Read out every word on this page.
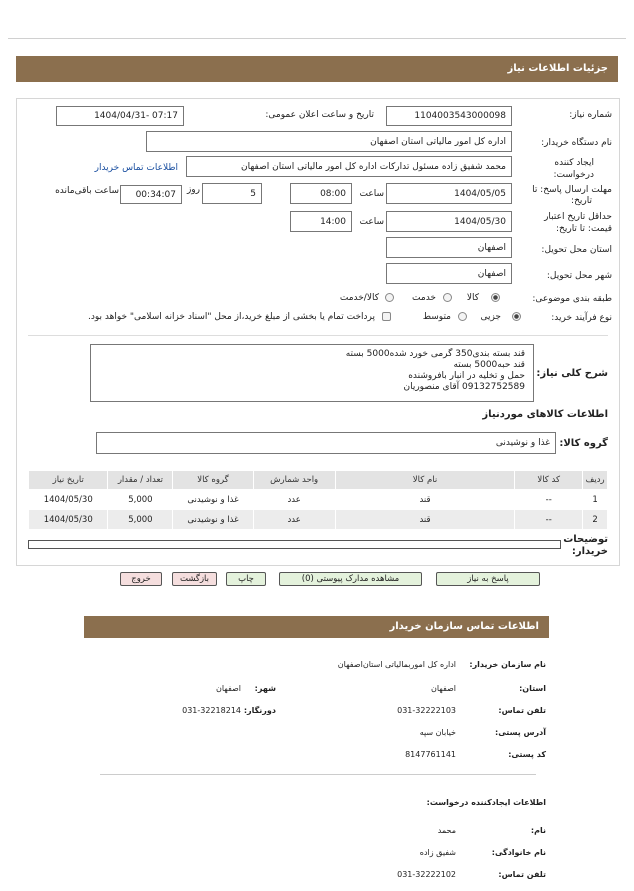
جزئیات اطلاعات نیاز
شماره نیاز:
1104003543000098
تاریخ و ساعت اعلان عمومی:
1404/04/31- 07:17
نام دستگاه خریدار:
اداره کل امور مالیاتی استان اصفهان
ایجاد کننده
درخواست:
محمد شفیق زاده مسئول تدارکات اداره کل امور مالیاتی استان اصفهان
اطلاعات تماس خریدار
مهلت ارسال پاسخ: تا
تاریخ:
1404/05/05
ساعت
08:00
5
روز
00:34:07
ساعت باقی‌مانده
حداقل تاریخ اعتبار
قیمت: تا تاریخ:
1404/05/30
ساعت
14:00
استان محل تحویل:
اصفهان
شهر محل تحویل:
اصفهان
طبقه بندی موضوعی:
کالا
خدمت
کالا/خدمت
نوع فرآیند خرید:
جزیی
متوسط
پرداخت تمام یا بخشی از مبلغ خرید،از محل "اسناد خزانه اسلامی" خواهد بود.
شرح کلی نیاز:
قند بسته بندی350 گرمی خورد شده5000 بسته
قند حبه5000 بسته
حمل و تخلیه در انبار بافروشنده
09132752589 آقای منصوریان
اطلاعات کالاهای موردنیاز
گروه کالا:
غذا و نوشیدنی
ردیف	کد کالا	نام کالا	واحد شمارش	گروه کالا	تعداد / مقدار	تاریخ نیاز
1	--	قند	عدد	غذا و نوشیدنی	5,000	1404/05/30
2	--	قند	عدد	غذا و نوشیدنی	5,000	1404/05/30
توضیحات
خریدار:
پاسخ به نیاز
مشاهده مدارک پیوستی (0)
چاپ
بازگشت
خروج
اطلاعات تماس سازمان خریدار
نام سازمان خریدار:
اداره کل اموربمالیاتی استان‌اصفهان
استان:
اصفهان
شهر:
اصفهان
تلفن تماس:
031-32222103
دورنگار:
031-32218214
آدرس پستی:
خیابان سپه
کد پستی:
8147761141
اطلاعات ایجادکننده درخواست:
نام:
محمد
نام خانوادگی:
شفیق زاده
تلفن تماس:
031-32222102
